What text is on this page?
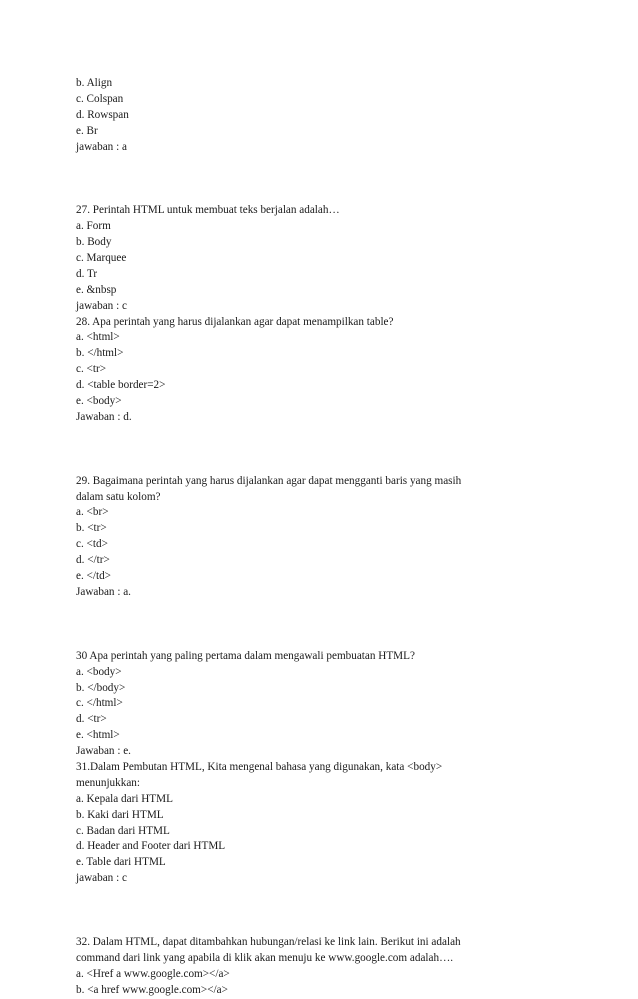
b. Align

c. Colspan

d. Rowspan

e. Br

jawaban : a

27. Perintah HTML untuk membuat teks berjalan adalah…

a. Form

b. Body

c. Marquee

d. Tr

e. &nbsp

jawaban : c

28. Apa perintah yang harus dijalankan agar dapat menampilkan table?

a. <html>

b. </html>

c. <tr>

d. <table border=2>

e. <body>

Jawaban : d.

29. Bagaimana perintah yang harus dijalankan agar dapat mengganti baris yang masih

dalam satu kolom?

a. <br>

b. <tr>

c. <td>

d. </tr>

e. </td>

Jawaban : a.

30 Apa perintah yang paling pertama dalam mengawali pembuatan HTML?

a. <body>

b. </body>

c. </html>

d. <tr>

e. <html>

Jawaban : e.

31.Dalam Pembutan HTML, Kita mengenal bahasa yang digunakan, kata <body>

menunjukkan:

a. Kepala dari HTML

b. Kaki dari HTML

c. Badan dari HTML

d. Header and Footer dari HTML

e. Table dari HTML

jawaban : c

32. Dalam HTML, dapat ditambahkan hubungan/relasi ke link lain. Berikut ini adalah

command dari link yang apabila di klik akan menuju ke www.google.com adalah….

a. <Href a www.google.com></a>

b. <a href www.google.com></a>
